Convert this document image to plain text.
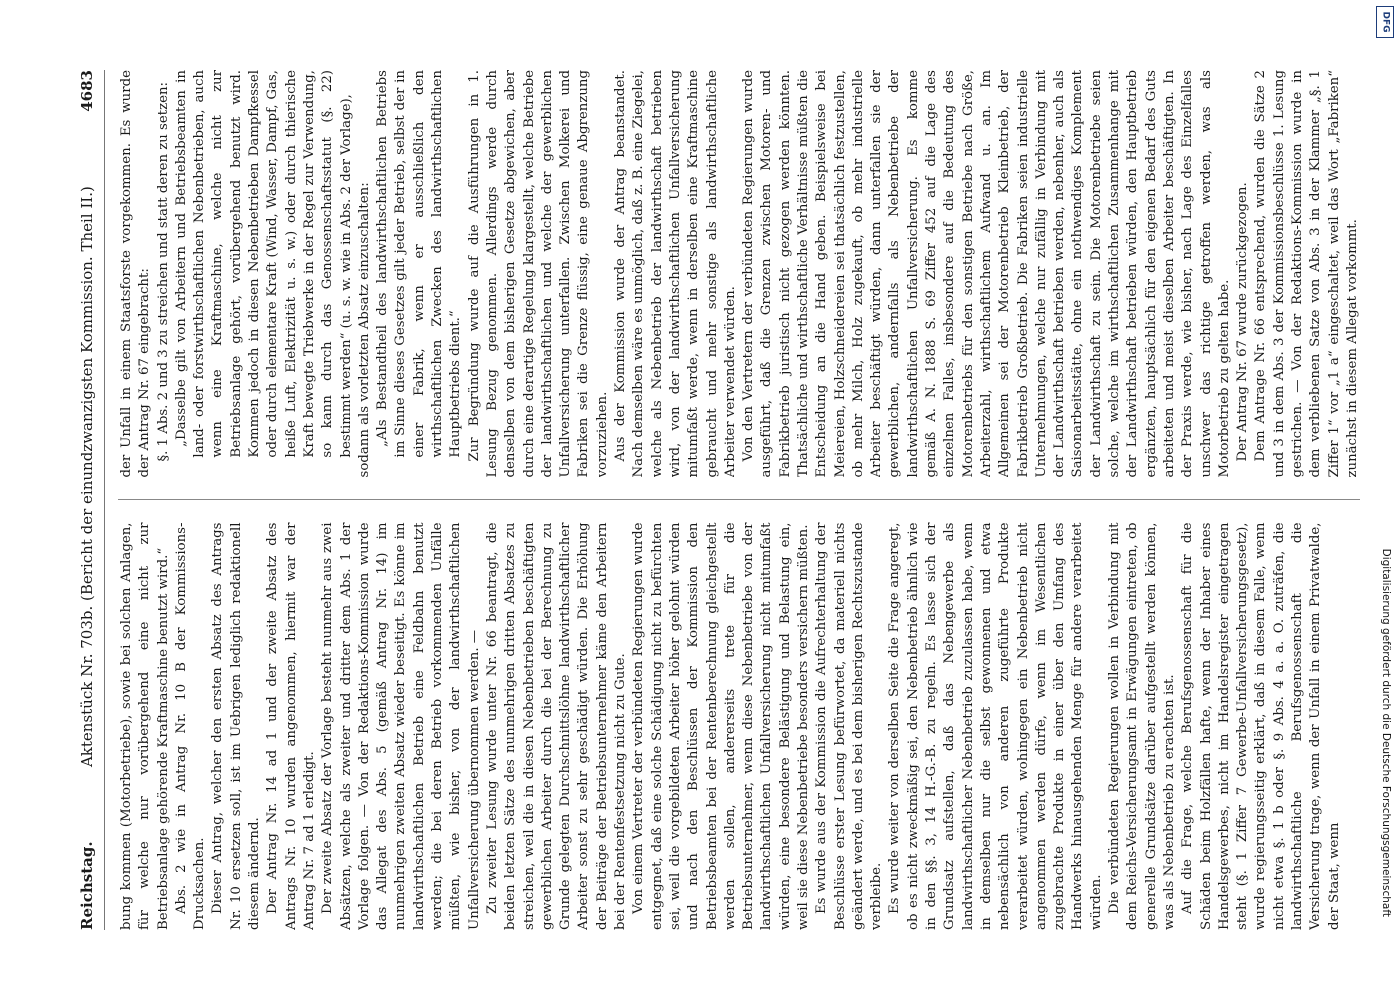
Reichstag.
Aktenstück Nr. 703b. (Bericht der einundzwanzigsten Kommission. Theil II.)
4683

bung kommen (Motorbetriebe), sowie bei solchen Anlagen, für welche nur vorübergehend eine nicht zur Betriebsanlage gehörende Kraftmaschine benutzt wird.“ Abs. 2 wie in Antrag Nr. 10 B der Kommissions-Drucksachen. Dieser Antrag, welcher den ersten Absatz des Antrags Nr. 10 ersetzen soll, ist im Uebrigen lediglich redaktionell diesem ändernd. Der Antrag Nr. 14 ad 1 und der zweite Absatz des Antrags Nr. 10 wurden angenommen, hiermit war der Antrag Nr. 7 ad 1 erledigt. Der zweite Absatz der Vorlage besteht nunmehr aus zwei Absätzen, welche als zweiter und dritter dem Abs. 1 der Vorlage folgen. — Von der Redaktions-Kommission wurde das Allegat des Abs. 5 (gemäß Antrag Nr. 14) im nunmehrigen zweiten Absatz wieder beseitigt. Es könne im landwirthschaftlichen Betrieb eine Feldbahn benutzt werden; die bei deren Betrieb vorkommenden Unfälle müßten, wie bisher, von der landwirthschaftlichen Unfallversicherung übernommen werden. — Zu zweiter Lesung wurde unter Nr. 66 beantragt, die beiden letzten Sätze des nunmehrigen dritten Absatzes zu streichen, weil die in diesen Nebenbetrieben beschäftigten gewerblichen Arbeiter durch die bei der Berechnung zu Grunde gelegten Durchschnittslöhne landwirthschaftlicher Arbeiter sonst zu sehr geschädigt würden. Die Erhöhung der Beiträge der Betriebsunternehmer käme den Arbeitern bei der Rentenfestsetzung nicht zu Gute. Von einem Vertreter der verbündeten Regierungen wurde entgegnet, daß eine solche Schädigung nicht zu befürchten sei, weil die vorgebildeten Arbeiter höher gelohnt würden und nach den Beschlüssen der Kommission den Betriebsbeamten bei der Rentenberechnung gleichgestellt werden sollen, andererseits trete für die Betriebsunternehmer, wenn diese Nebenbetriebe von der landwirthschaftlichen Unfallversicherung nicht mitumfaßt würden, eine besondere Belästigung und Belastung ein, weil sie diese Nebenbetriebe besonders versichern müßten. Es wurde aus der Kommission die Aufrechterhaltung der Beschlüsse erster Lesung befürwortet, da materiell nichts geändert werde, und es bei dem bisherigen Rechtszustande verbleibe. Es wurde weiter von derselben Seite die Frage angeregt, ob es nicht zweckmäßig sei, den Nebenbetrieb ähnlich wie in den §§. 3, 14 H.-G.-B. zu regeln. Es lasse sich der Grundsatz aufstellen, daß das Nebengewerbe als landwirthschaftlicher Nebenbetrieb zuzulassen habe, wenn in demselben nur die selbst gewonnenen und etwa nebensächlich von anderen zugeführte Produkte verarbeitet würden, wohingegen ein Nebenbetrieb nicht angenommen werden dürfe, wenn im Wesentlichen zugebrachte Produkte in einer über den Umfang des Handwerks hinausgehenden Menge für andere verarbeitet würden. Die verbündeten Regierungen wollen in Verbindung mit dem Reichs-Versicherungsamt in Erwägungen eintreten, ob generelle Grundsätze darüber aufgestellt werden können, was als Nebenbetrieb zu erachten ist. Auf die Frage, welche Berufsgenossenschaft für die Schäden beim Holzfällen hafte, wenn der Inhaber eines Handelsgewerbes, nicht im Handelsregister eingetragen steht (§. 1 Ziffer 7 Gewerbe-Unfallversicherungsgesetz), wurde regierungsseitig erklärt, daß in diesem Falle, wenn nicht etwa §. 1 b oder §. 9 Abs. 4 a. a. O. zuträfen, die landwirthschaftliche Berufsgenossenschaft die Versicherung trage, wenn der Unfall in einem Privatwalde, der Staat, wenn

der Unfall in einem Staatsforste vorgekommen. Es wurde der Antrag Nr. 67 eingebracht: §. 1 Abs. 2 und 3 zu streichen und statt deren zu setzen: „Dasselbe gilt von Arbeitern und Betriebsbeamten in land- oder forstwirthschaftlichen Nebenbetrieben, auch wenn eine Kraftmaschine, welche nicht zur Betriebsanlage gehört, vorübergehend benutzt wird. Kommen jedoch in diesen Nebenbetrieben Dampfkessel oder durch elementare Kraft (Wind, Wasser, Dampf, Gas, heiße Luft, Elektrizität u. s. w.) oder durch thierische Kraft bewegte Triebwerke in der Regel zur Verwendung, so kann durch das Genossenschaftsstatut (§. 22) bestimmt werden“ (u. s. w. wie in Abs. 2 der Vorlage), sodann als vorletzten Absatz einzuschalten: „Als Bestandtheil des landwirthschaftlichen Betriebs im Sinne dieses Gesetzes gilt jeder Betrieb, selbst der in einer Fabrik, wenn er ausschließlich den wirthschaftlichen Zwecken des landwirthschaftlichen Hauptbetriebs dient.“ Zur Begründung wurde auf die Ausführungen in 1. Lesung Bezug genommen. Allerdings werde durch denselben von dem bisherigen Gesetze abgewichen, aber durch eine derartige Regelung klargestellt, welche Betriebe der landwirthschaftlichen und welche der gewerblichen Unfallversicherung unterfallen. Zwischen Molkerei und Fabriken sei die Grenze flüssig, eine genaue Abgrenzung vorzuziehen. Aus der Kommission wurde der Antrag beanstandet. Nach demselben wäre es unmöglich, daß z. B. eine Ziegelei, welche als Nebenbetrieb der landwirthschaft betrieben wird, von der landwirthschaftlichen Unfallversicherung mitumfaßt werde, wenn in derselben eine Kraftmaschine gebraucht und mehr sonstige als landwirthschaftliche Arbeiter verwendet würden. Von den Vertretern der verbündeten Regierungen wurde ausgeführt, daß die Grenzen zwischen Motoren- und Fabrikbetrieb juristisch nicht gezogen werden könnten. Thatsächliche und wirthschaftliche Verhältnisse müßten die Entscheidung an die Hand geben. Beispielsweise bei Meiereien, Holzschneidereien sei thatsächlich festzustellen, ob mehr Milch, Holz zugekauft, ob mehr industrielle Arbeiter beschäftigt würden, dann unterfallen sie der gewerblichen, andernfalls als Nebenbetriebe der landwirthschaftlichen Unfallversicherung. Es komme gemäß A. N. 1888 S. 69 Ziffer 452 auf die Lage des einzelnen Falles, insbesondere auf die Bedeutung des Motorenbetriebs für den sonstigen Betriebe nach Größe, Arbeiterzahl, wirthschaftlichem Aufwand u. an. Im Allgemeinen sei der Motorenbetrieb Kleinbetrieb, der Fabrikbetrieb Großbetrieb. Die Fabriken seien industrielle Unternehmungen, welche nur zufällig in Verbindung mit der Landwirthschaft betrieben werden, nebenher, auch als Saisonarbeitsstätte, ohne ein nothwendiges Komplement der Landwirthschaft zu sein. Die Motorenbetriebe seien solche, welche im wirthschaftlichen Zusammenhange mit der Landwirthschaft betrieben würden, den Hauptbetrieb ergänzten, hauptsächlich für den eigenen Bedarf des Guts arbeiteten und meist dieselben Arbeiter beschäftigten. In der Praxis werde, wie bisher, nach Lage des Einzelfalles unschwer das richtige getroffen werden, was als Motorbetrieb zu gelten habe. Der Antrag Nr. 67 wurde zurückgezogen. Dem Antrage Nr. 66 entsprechend, wurden die Sätze 2 und 3 in dem Abs. 3 der Kommissionsbeschlüsse 1. Lesung gestrichen. — Von der Redaktions-Kommission wurde in dem verbliebenen Satze von Abs. 3 in der Klammer „§. 1 Ziffer 1“ vor „1 a“ eingeschaltet, weil das Wort „Fabriken“ zunächst in diesem Allegat vorkommt.

DFG
Digitalisierung gefördert durch die Deutsche Forschungsgemeinschaft
